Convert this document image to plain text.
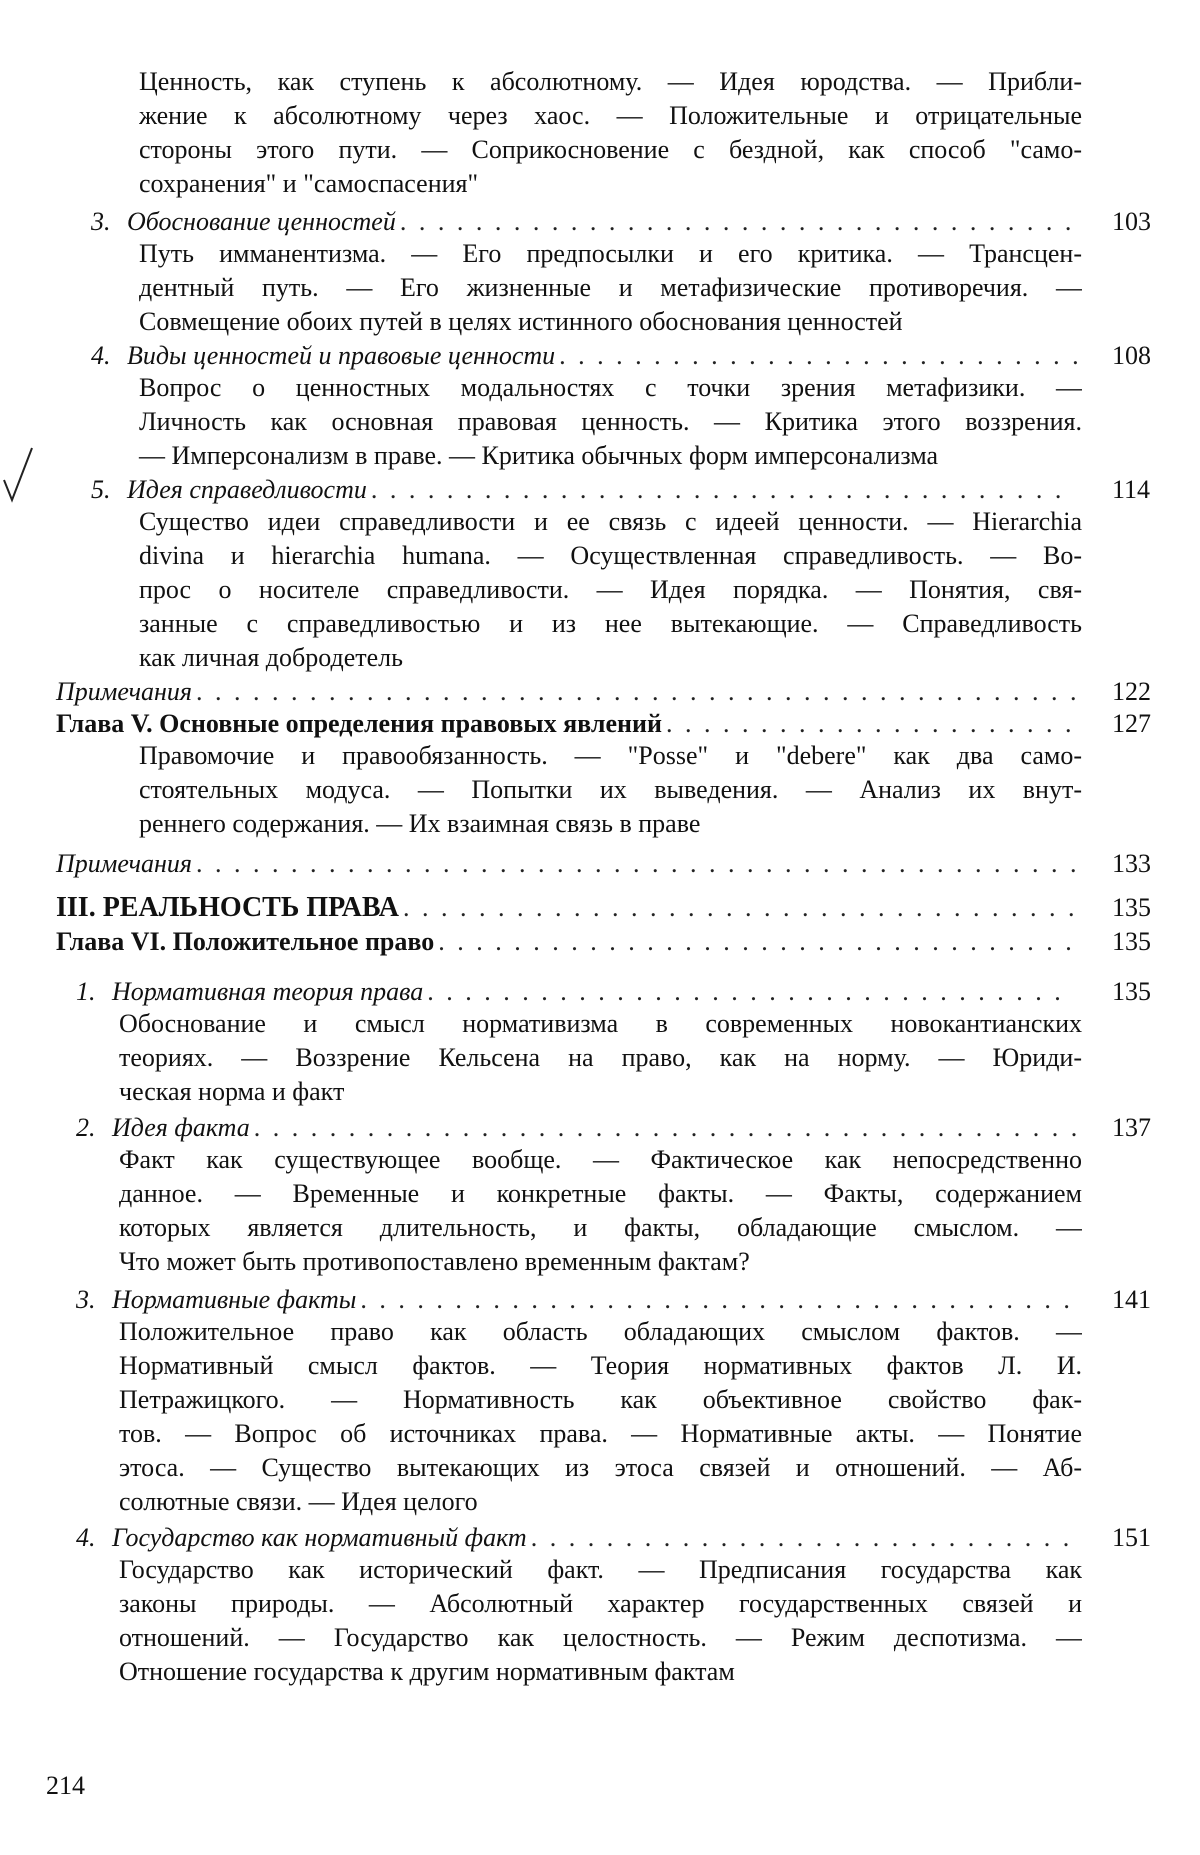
214
Ценность, как ступень к абсолютному. — Идея юродства. — Прибли-
жение к абсолютному через хаос. — Положительные и отрицательные
стороны этого пути. — Соприкосновение с бездной, как способ "само-
сохранения" и "самоспасения"
3. Обоснование ценностей . . . . . . . . . . . . . . . . . . . . . . . . . . . . . . . . . . . . 103
Путь имманентизма. — Его предпосылки и его критика. — Трансцен-
дентный путь. — Его жизненные и метафизические противоречия. —
Совмещение обоих путей в целях истинного обоснования ценностей
4. Виды ценностей и правовые ценности . . . . . . . . . . . . . . . . . . . . . . . . . . . . 108
Вопрос о ценностных модальностях с точки зрения метафизики. —
Личность как основная правовая ценность. — Критика этого воззрения.
— Имперсонализм в праве. — Критика обычных форм имперсонализма
5. Идея справедливости . . . . . . . . . . . . . . . . . . . . . . . . . . . . . . . . . . . . .	114
Существо идеи справедливости и ее связь с идеей ценности. — Hierarchia
divina и hierarchia humana. — Осуществленная справедливость. — Во-
прос о носителе справедливости. — Идея порядка. — Понятия, свя-
занные с справедливостью и из нее вытекающие. — Справедливость
как личная добродетель
Примечания . . . . . . . . . . . . . . . . . . . . . . . . . . . . . . . . . . . . . . . . . . . . . . . 122
Глава V. Основные определения правовых явлений . . . . . . . . . . . . . . . . . . . . . . 127
Правомочие и правообязанность. — "Posse" и "debere" как два само-
стоятельных модуса. — Попытки их выведения. — Анализ их внут-
реннего содержания. — Их взаимная связь в праве
Примечания . . . . . . . . . . . . . . . . . . . . . . . . . . . . . . . . . . . . . . . . . . . . . . . 133
III. РЕАЛЬНОСТЬ ПРАВА . . . . . . . . . . . . . . . . . . . . . . . . . . . . . . . . . . . . 135
Глава VI. Положительное право . . . . . . . . . . . . . . . . . . . . . . . . . . . . . . . . . . 135
1. Нормативная теория права . . . . . . . . . . . . . . . . . . . . . . . . . . . . . . . . . .	135
Обоснование и смысл нормативизма в современных новокантианских
теориях. — Воззрение Кельсена на право, как на норму. — Юриди-
ческая норма и факт
2. Идея факта . . . . . . . . . . . . . . . . . . . . . . . . . . . . . . . . . . . . . . . . . . . . 137
Факт как существующее вообще. — Фактическое как непосредственно
данное. — Временные и конкретные факты. — Факты, содержанием
которых является длительность, и факты, обладающие смыслом. —
Что может быть противопоставлено временным фактам?
3. Нормативные факты . . . . . . . . . . . . . . . . . . . . . . . . . . . . . . . . . . . . . .	141
Положительное право как область обладающих смыслом фактов. —
Нормативный смысл фактов. — Теория нормативных фактов Л. И.
Петражицкого. — Нормативность как объективное свойство фак-
тов. — Вопрос об источниках права. — Нормативные акты. — Понятие
этоса. — Существо вытекающих из этоса связей и отношений. — Аб-
солютные связи. — Идея целого
4. Государство как нормативный факт . . . . . . . . . . . . . . . . . . . . . . . . . . . . .	151
Государство как исторический факт. — Предписания государства как
законы природы. — Абсолютный характер государственных связей и
отношений. — Государство как целостность. — Режим деспотизма. —
Отношение государства к другим нормативным фактам
